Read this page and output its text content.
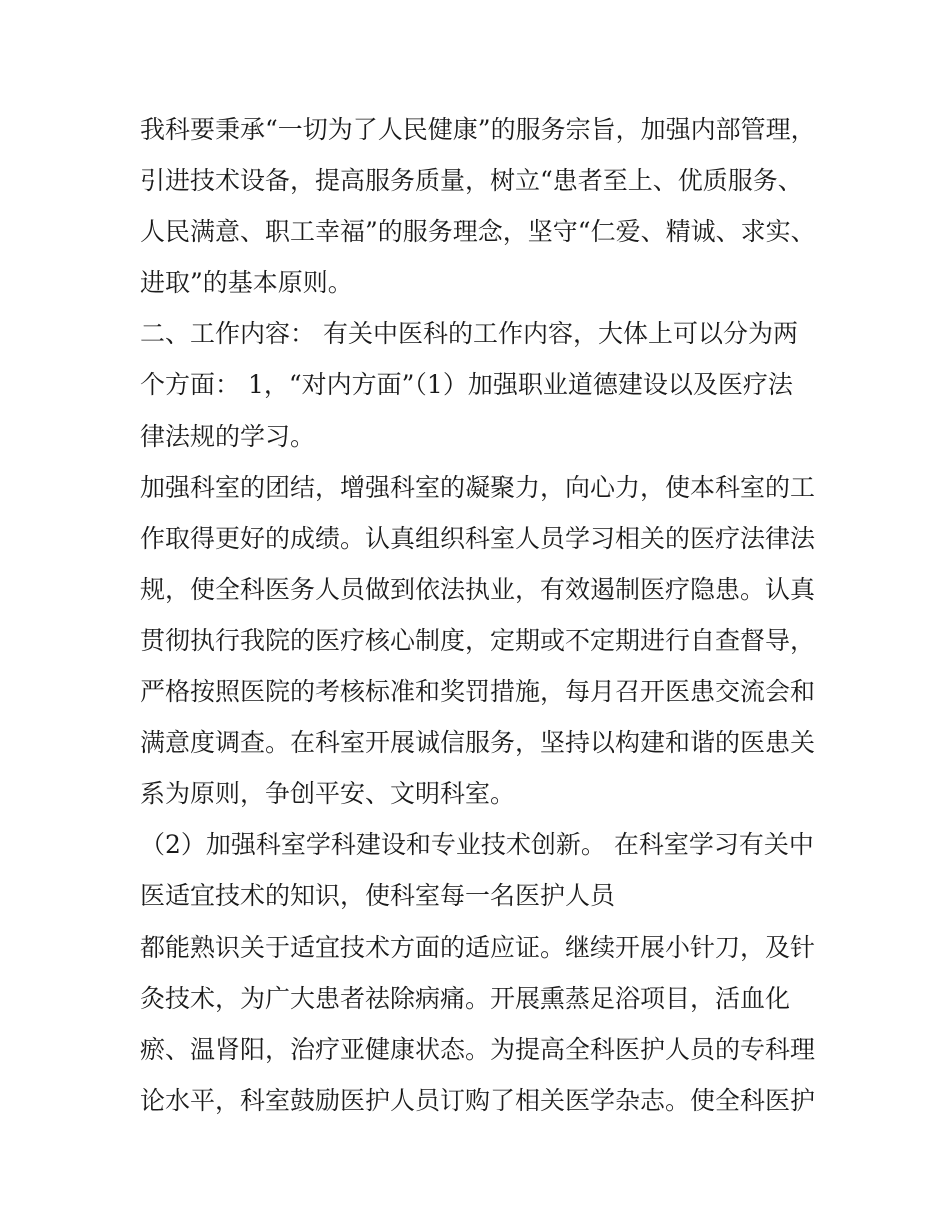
我科要秉承“一切为了人民健康”的服务宗旨，加强内部管理，
引进技术设备，提高服务质量，树立“患者至上、优质服务、
人民满意、职工幸福”的服务理念，坚守“仁爱、精诚、求实、
进取”的基本原则。
二、工作内容： 有关中医科的工作内容，大体上可以分为两
个方面： 1，“对内方面”（1）加强职业道德建设以及医疗法
律法规的学习。
加强科室的团结，增强科室的凝聚力，向心力，使本科室的工
作取得更好的成绩。认真组织科室人员学习相关的医疗法律法
规，使全科医务人员做到依法执业，有效遏制医疗隐患。认真
贯彻执行我院的医疗核心制度，定期或不定期进行自查督导，
严格按照医院的考核标准和奖罚措施，每月召开医患交流会和
满意度调查。在科室开展诚信服务，坚持以构建和谐的医患关
系为原则，争创平安、文明科室。
（2）加强科室学科建设和专业技术创新。 在科室学习有关中
医适宜技术的知识，使科室每一名医护人员
都能熟识关于适宜技术方面的适应证。继续开展小针刀，及针
灸技术，为广大患者祛除病痛。开展熏蒸足浴项目，活血化
瘀、温肾阳，治疗亚健康状态。为提高全科医护人员的专科理
论水平，科室鼓励医护人员订购了相关医学杂志。使全科医护
